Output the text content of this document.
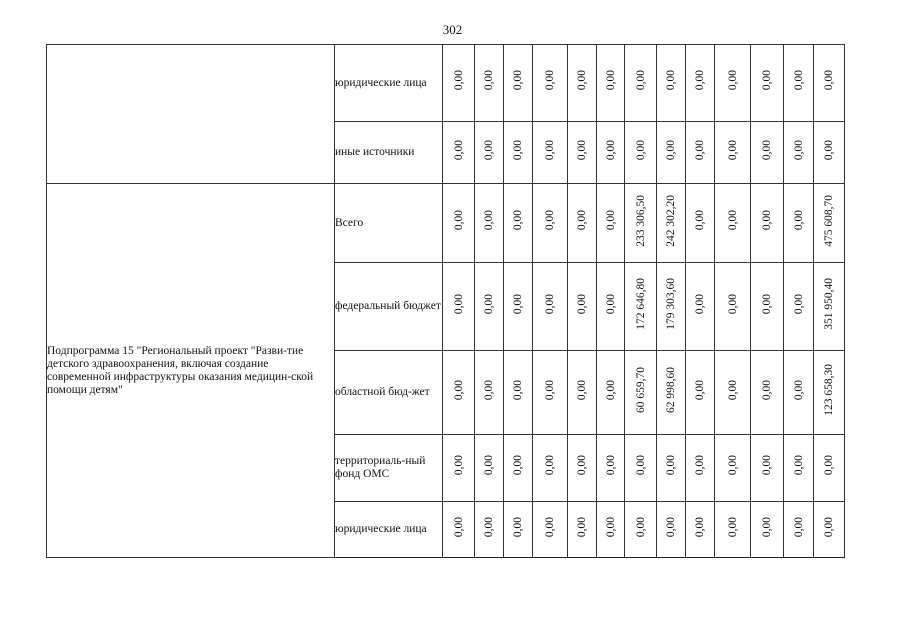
302
	юридические лица	0,00	0,00	0,00	0,00	0,00	0,00	0,00	0,00	0,00	0,00	0,00	0,00	0,00
	иные источники	0,00	0,00	0,00	0,00	0,00	0,00	0,00	0,00	0,00	0,00	0,00	0,00	0,00
Подпрограмма 15 "Региональный проект "Разви-тие детского здравоохранения, включая создание современной инфраструктуры оказания медицин-ской помощи детям"	Всего	0,00	0,00	0,00	0,00	0,00	0,00	233 306,50	242 302,20	0,00	0,00	0,00	0,00	475 608,70
	федеральный бюджет	0,00	0,00	0,00	0,00	0,00	0,00	172 646,80	179 303,60	0,00	0,00	0,00	0,00	351 950,40
	областной бюд-жет	0,00	0,00	0,00	0,00	0,00	0,00	60 659,70	62 998,60	0,00	0,00	0,00	0,00	123 658,30
	территориаль-ный фонд ОМС	0,00	0,00	0,00	0,00	0,00	0,00	0,00	0,00	0,00	0,00	0,00	0,00	0,00
	юридические лица	0,00	0,00	0,00	0,00	0,00	0,00	0,00	0,00	0,00	0,00	0,00	0,00	0,00
